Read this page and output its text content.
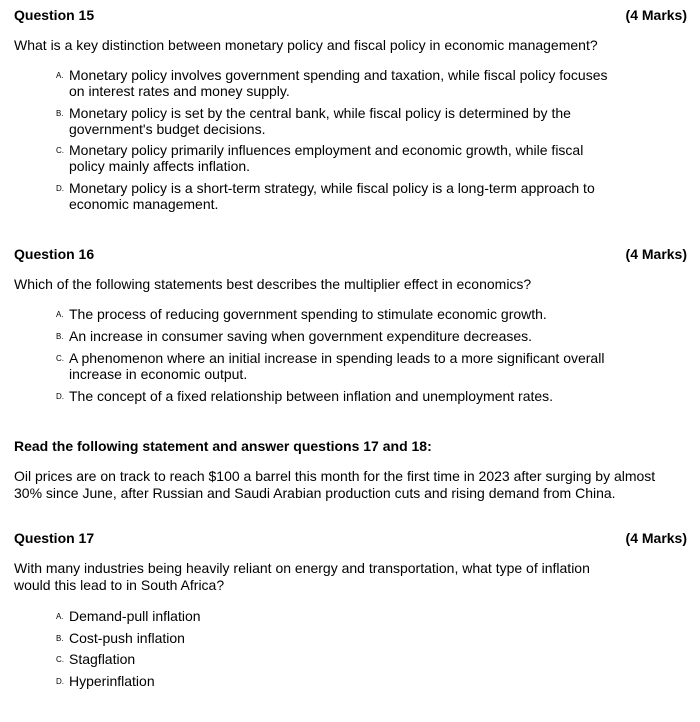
Question 15	(4 Marks)
What is a key distinction between monetary policy and fiscal policy in economic management?
A. Monetary policy involves government spending and taxation, while fiscal policy focuses on interest rates and money supply.
B. Monetary policy is set by the central bank, while fiscal policy is determined by the government's budget decisions.
C. Monetary policy primarily influences employment and economic growth, while fiscal policy mainly affects inflation.
D. Monetary policy is a short-term strategy, while fiscal policy is a long-term approach to economic management.
Question 16	(4 Marks)
Which of the following statements best describes the multiplier effect in economics?
A. The process of reducing government spending to stimulate economic growth.
B. An increase in consumer saving when government expenditure decreases.
C. A phenomenon where an initial increase in spending leads to a more significant overall increase in economic output.
D. The concept of a fixed relationship between inflation and unemployment rates.
Read the following statement and answer questions 17 and 18:
Oil prices are on track to reach $100 a barrel this month for the first time in 2023 after surging by almost 30% since June, after Russian and Saudi Arabian production cuts and rising demand from China.
Question 17	(4 Marks)
With many industries being heavily reliant on energy and transportation, what type of inflation would this lead to in South Africa?
A. Demand-pull inflation
B. Cost-push inflation
C. Stagflation
D. Hyperinflation
